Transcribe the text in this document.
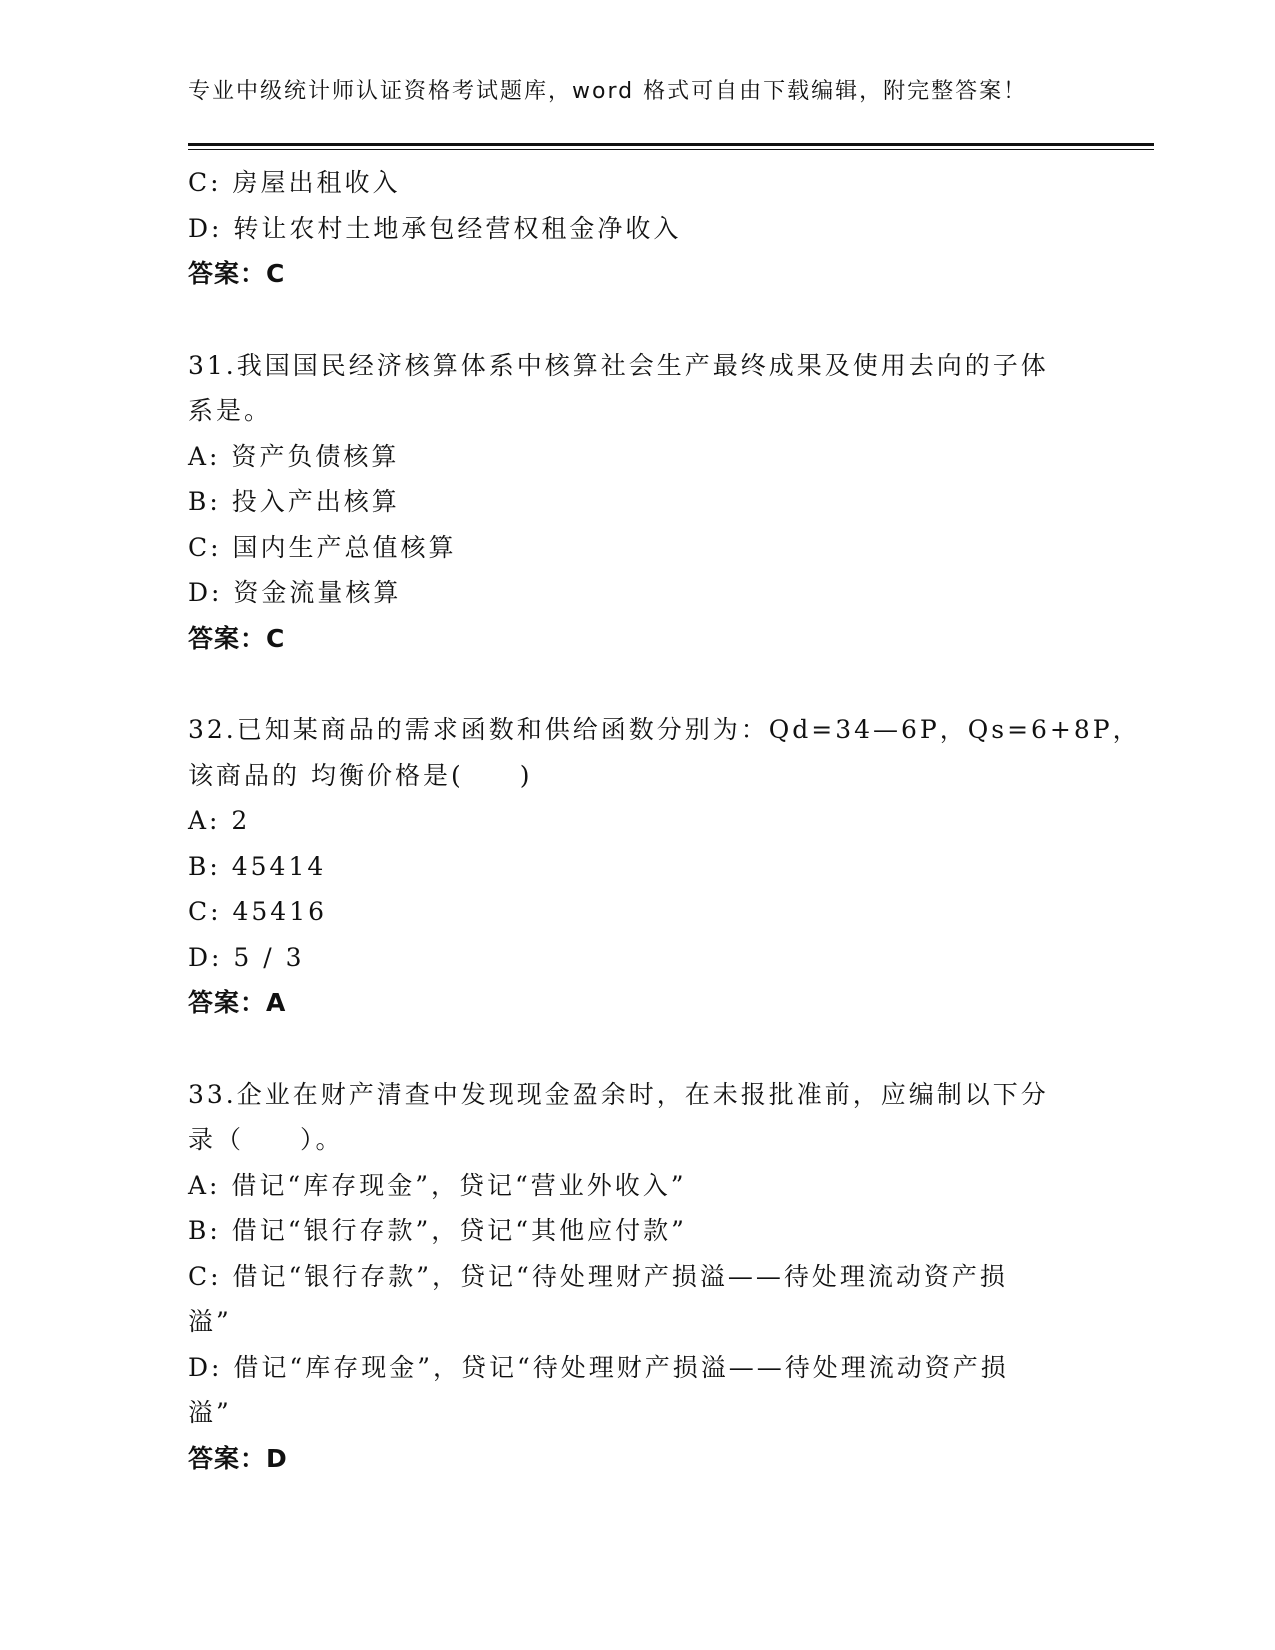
专业中级统计师认证资格考试题库，word 格式可自由下载编辑，附完整答案！
C: 房屋出租收入
D: 转让农村土地承包经营权租金净收入
答案：C
31.我国国民经济核算体系中核算社会生产最终成果及使用去向的子体
系是。
A: 资产负债核算
B: 投入产出核算
C: 国内生产总值核算
D: 资金流量核算
答案：C
32.已知某商品的需求函数和供给函数分别为：Qd=34—6P，Qs=6+8P，
该商品的 均衡价格是(　　)
A: 2
B: 45414
C: 45416
D: 5 / 3
答案：A
33.企业在财产清查中发现现金盈余时，在未报批准前，应编制以下分
录（　　）。
A: 借记“库存现金”，贷记“营业外收入”
B: 借记“银行存款”，贷记“其他应付款”
C: 借记“银行存款”，贷记“待处理财产损溢——待处理流动资产损
溢”
D: 借记“库存现金”，贷记“待处理财产损溢——待处理流动资产损
溢”
答案：D
